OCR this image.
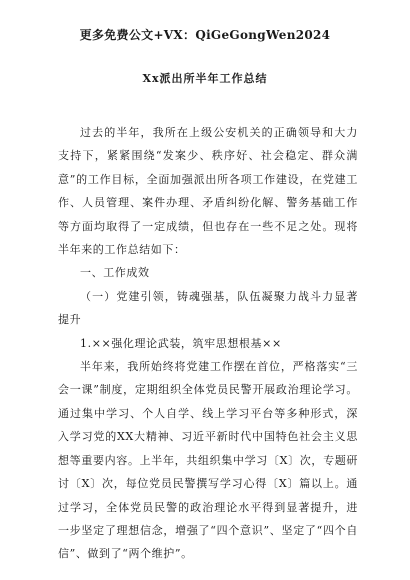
更多免费公文+VX：QiGeGongWen2024
Xx派出所半年工作总结

过去的半年，我所在上级公安机关的正确领导和大力支持下，紧紧围绕“发案少、秩序好、社会稳定、群众满意”的工作目标，全面加强派出所各项工作建设，在党建工作、人员管理、案件办理、矛盾纠纷化解、警务基础工作等方面均取得了一定成绩，但也存在一些不足之处。现将半年来的工作总结如下：

一、工作成效

（一）党建引领，铸魂强基，队伍凝聚力战斗力显著提升

1.××强化理论武装，筑牢思想根基××

半年来，我所始终将党建工作摆在首位，严格落实“三会一课”制度，定期组织全体党员民警开展政治理论学习。通过集中学习、个人自学、线上学习平台等多种形式，深入学习党的XX大精神、习近平新时代中国特色社会主义思想等重要内容。上半年，共组织集中学习〔X〕次，专题研讨〔X〕次，每位党员民警撰写学习心得〔X〕篇以上。通过学习，全体党员民警的政治理论水平得到显著提升，进一步坚定了理想信念，增强了“四个意识”、坚定了“四个自信”、做到了“两个维护”。
